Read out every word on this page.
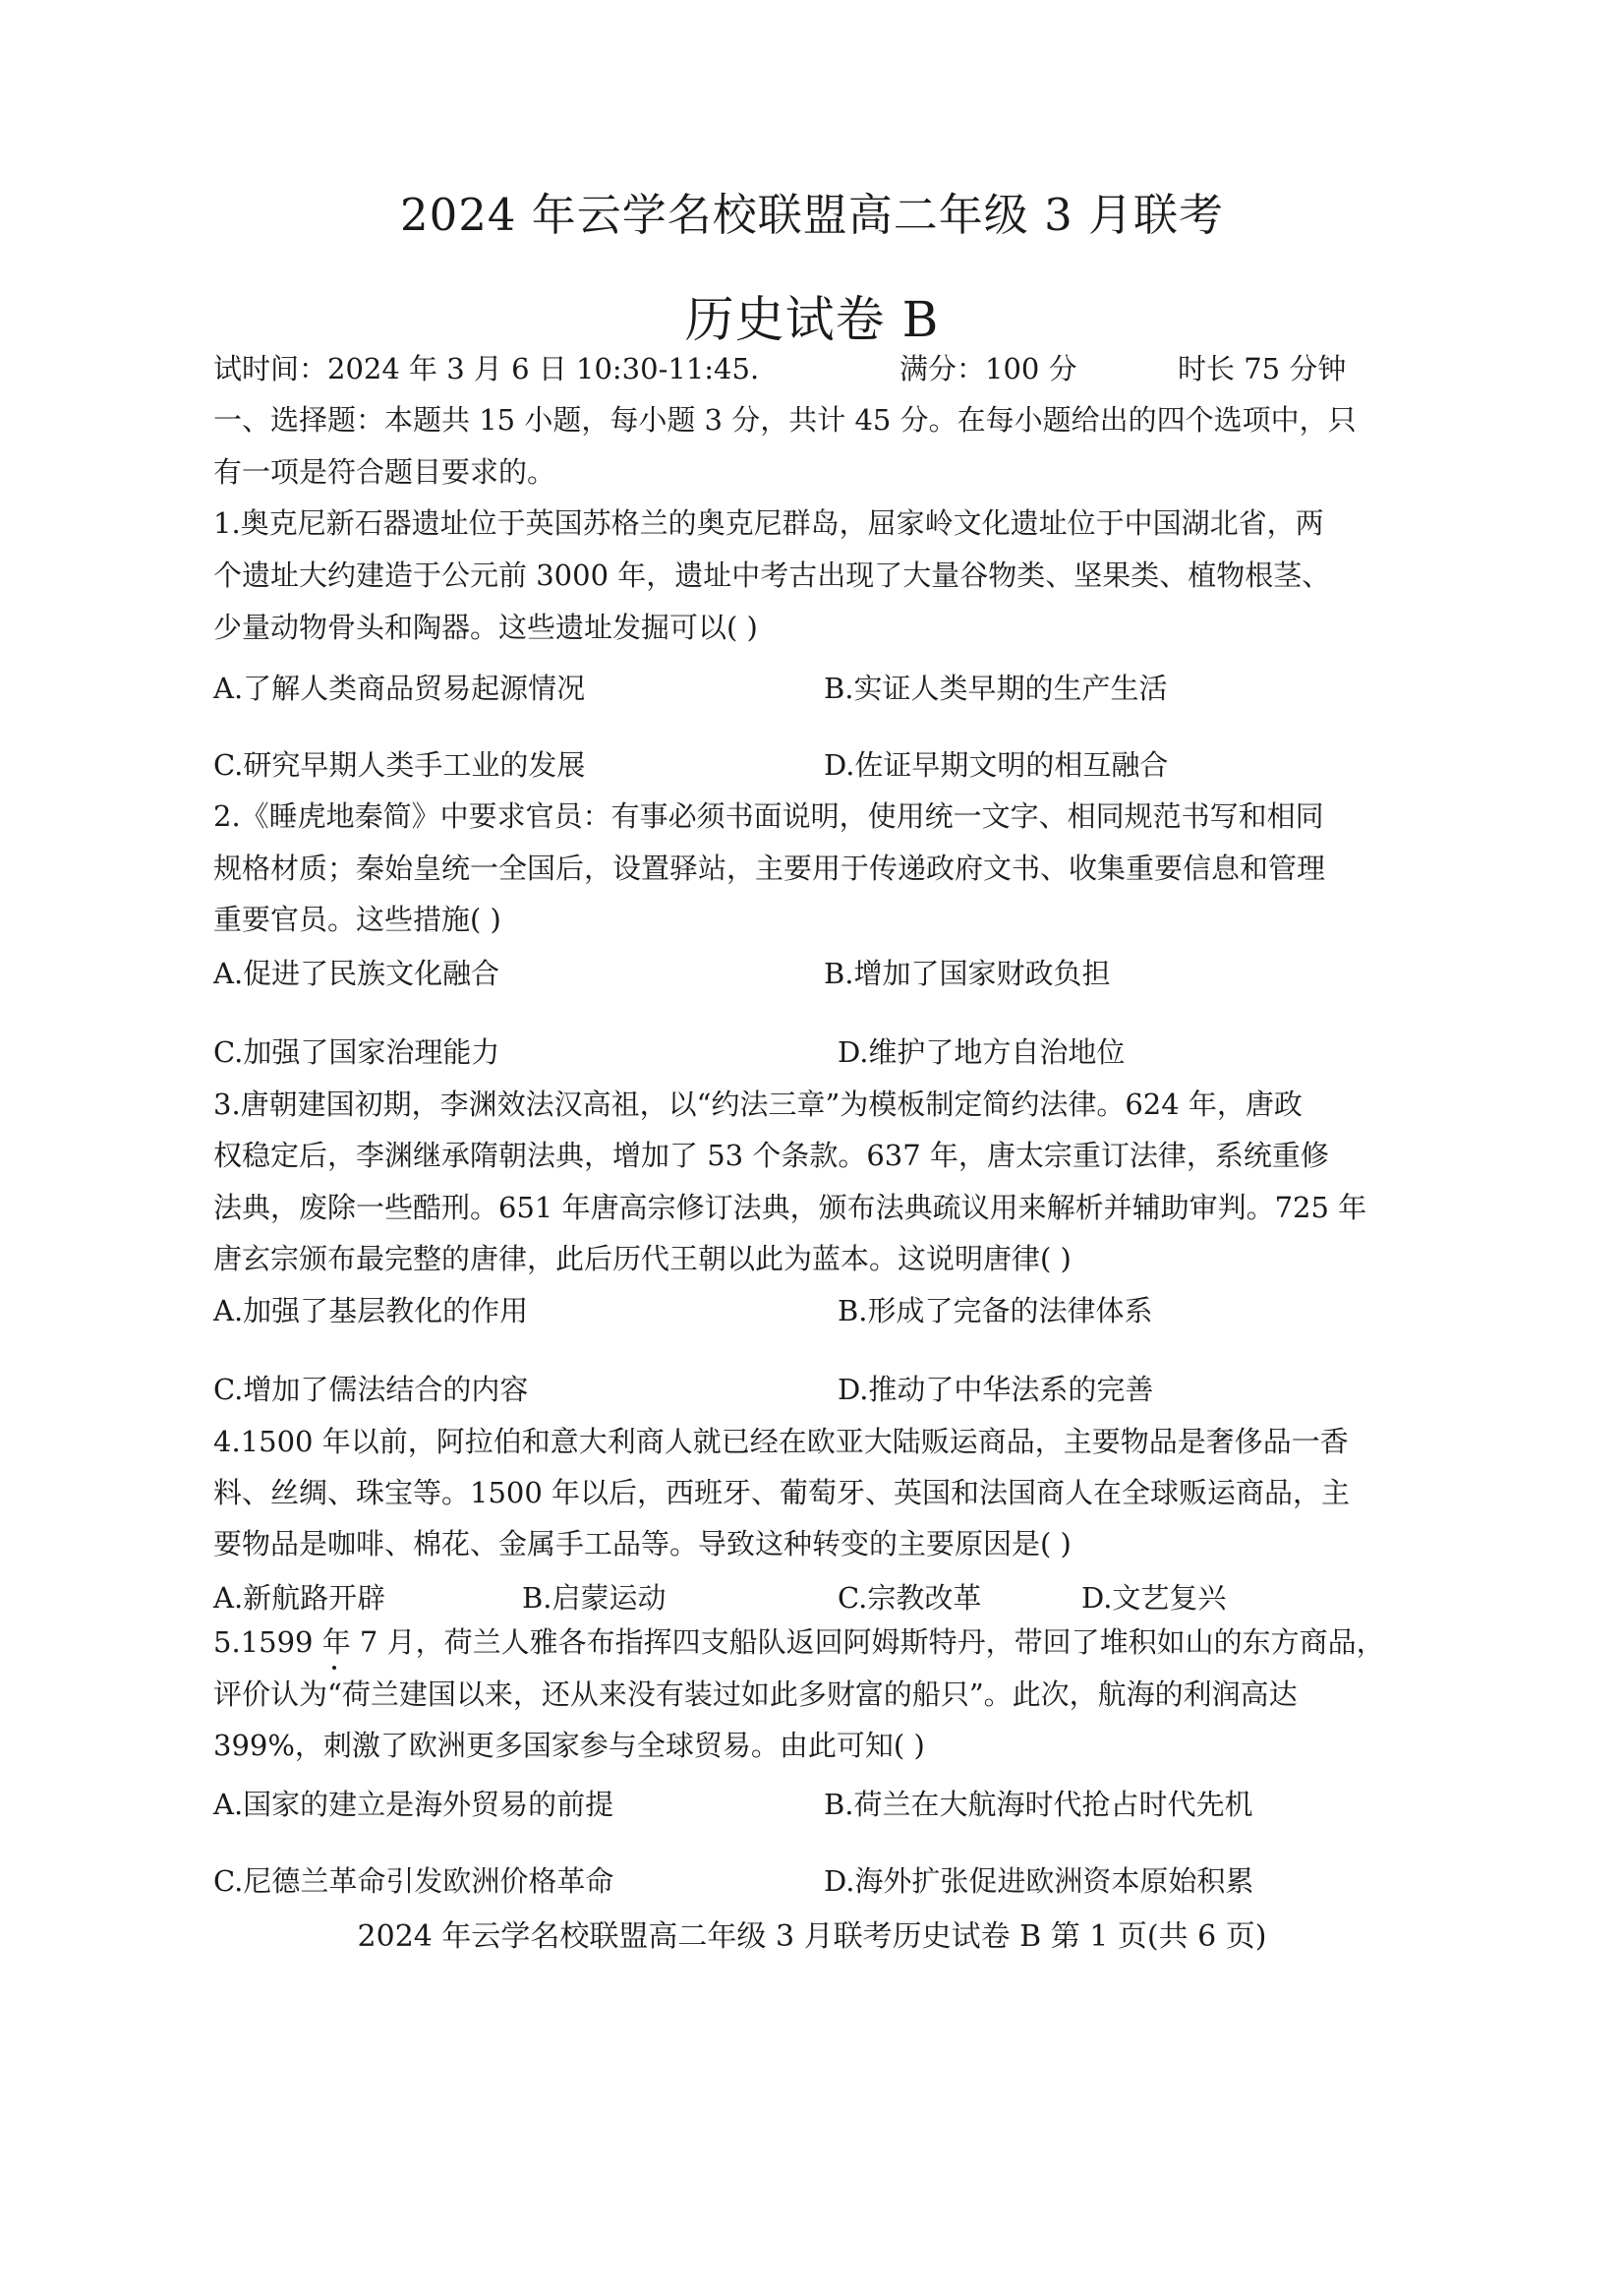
2024 年云学名校联盟高二年级 3 月联考
历史试卷 B
试时间：2024 年 3 月 6 日 10:30-11:45.	满分：100 分	时长 75 分钟
一、选择题：本题共 15 小题，每小题 3 分，共计 45 分。在每小题给出的四个选项中，只
有一项是符合题目要求的。
1.奥克尼新石器遗址位于英国苏格兰的奥克尼群岛，屈家岭文化遗址位于中国湖北省，两
个遗址大约建造于公元前 3000 年，遗址中考古出现了大量谷物类、坚果类、植物根茎、
少量动物骨头和陶器。这些遗址发掘可以( )
A.了解人类商品贸易起源情况	B.实证人类早期的生产生活
C.研究早期人类手工业的发展	D.佐证早期文明的相互融合
2.《睡虎地秦简》中要求官员：有事必须书面说明，使用统一文字、相同规范书写和相同
规格材质；秦始皇统一全国后，设置驿站，主要用于传递政府文书、收集重要信息和管理
重要官员。这些措施( )
A.促进了民族文化融合	B.增加了国家财政负担
C.加强了国家治理能力	D.维护了地方自治地位
3.唐朝建国初期，李渊效法汉高祖，以“约法三章”为模板制定简约法律。624 年，唐政
权稳定后，李渊继承隋朝法典，增加了 53 个条款。637 年，唐太宗重订法律，系统重修
法典，废除一些酷刑。651 年唐高宗修订法典，颁布法典疏议用来解析并辅助审判。725 年
唐玄宗颁布最完整的唐律，此后历代王朝以此为蓝本。这说明唐律( )
A.加强了基层教化的作用	B.形成了完备的法律体系
C.增加了儒法结合的内容	D.推动了中华法系的完善
4.1500 年以前，阿拉伯和意大利商人就已经在欧亚大陆贩运商品，主要物品是奢侈品一香
料、丝绸、珠宝等。1500 年以后，西班牙、葡萄牙、英国和法国商人在全球贩运商品，主
要物品是咖啡、棉花、金属手工品等。导致这种转变的主要原因是( )
A.新航路开辟	B.启蒙运动	C.宗教改革	D.文艺复兴
5.1599 年 7 月，荷兰人雅各布指挥四支船队返回阿姆斯特丹，带回了堆积如山的东方商品，
评价认为“荷兰建国以来，还从来没有装过如此多财富的船只”。此次，航海的利润高达
399%，刺激了欧洲更多国家参与全球贸易。由此可知( )
A.国家的建立是海外贸易的前提	B.荷兰在大航海时代抢占时代先机
C.尼德兰革命引发欧洲价格革命	D.海外扩张促进欧洲资本原始积累
2024 年云学名校联盟高二年级 3 月联考历史试卷 B 第 1 页(共 6 页)
